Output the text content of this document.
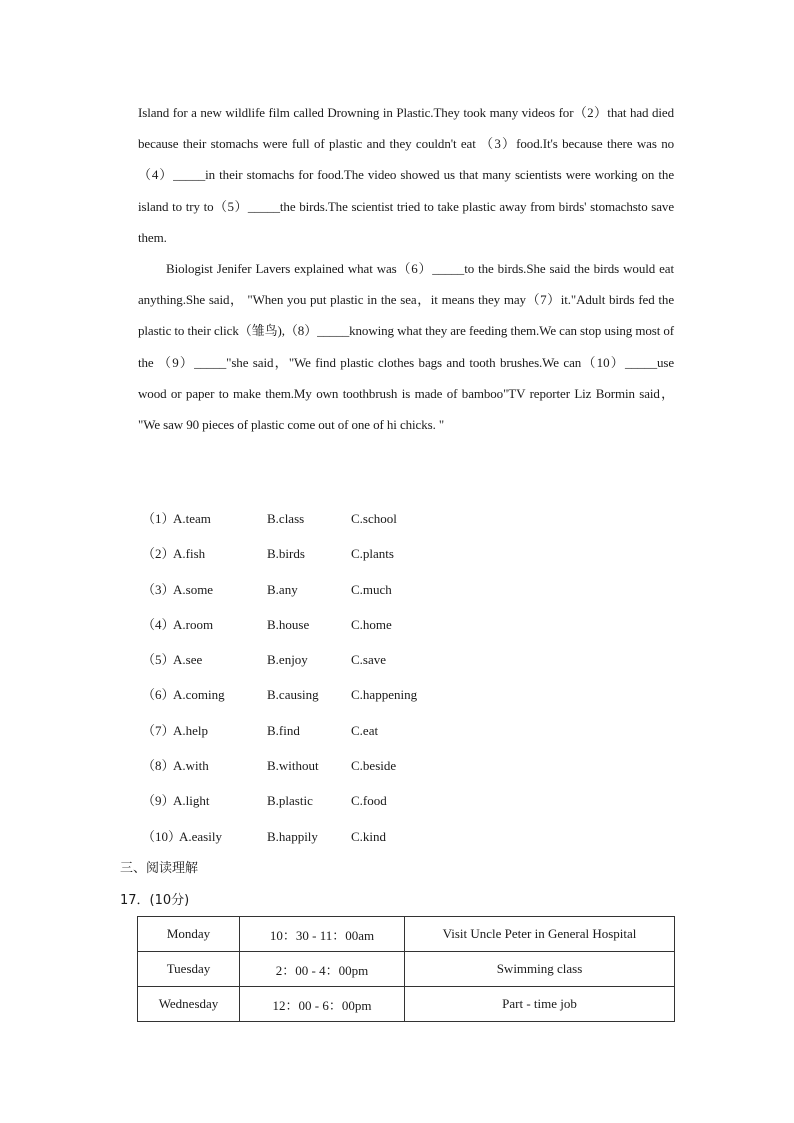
Island for a new wildlife film called Drowning in Plastic.They took many videos for（2）that had died because their stomachs were full of plastic and they couldn't eat （3）food.It's because there was no（4）_____in their stomachs for food.The video showed us that many scientists were working on the island to try to（5）_____the birds.The scientist tried to take plastic away from birds' stomachsto save them.

Biologist Jenifer Lavers explained what was（6）_____to the birds.She said the birds would eat anything.She said， "When you put plastic in the sea，it means they may（7）it."Adult birds fed the plastic to their click（雏鸟),（8）_____knowing what they are feeding them.We can stop using most of the （9）_____"she said，"We find plastic clothes bags and tooth brushes.We can（10）_____use wood or paper to make them.My own toothbrush is made of bamboo"TV reporter Liz Bormin said， "We saw 90 pieces of plastic come out of one of hi chicks. "

（1）
A.team	B.class	C.school
（2）
A.fish	B.birds	C.plants
（3）
A.some	B.any	C.much
（4）
A.room	B.house	C.home
（5）
A.see	B.enjoy	C.save
（6）
A.coming	B.causing C.happening
（7）
A.help	B.find	C.eat
（8）
A.with	B.without C.beside
（9）
A.light	B.plastic	C.food
（10）
A.easily	B.happily	C.kind
三、阅读理解
17．(10分)
Monday	10：30 - 11：00am	Visit Uncle Peter in General Hospital
Tuesday	2：00 - 4：00pm	Swimming class
Wednesday	12：00 - 6：00pm	Part - time job
